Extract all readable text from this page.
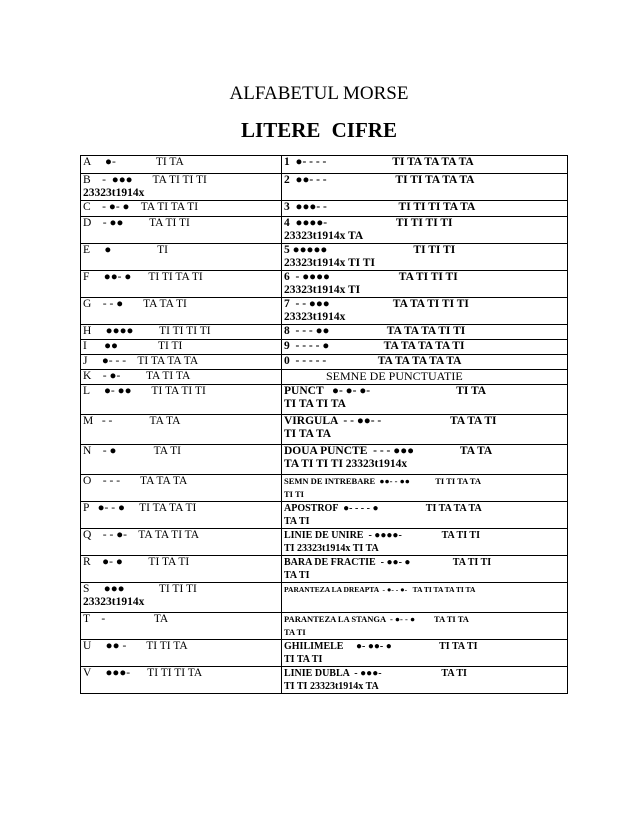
ALFABETUL MORSE
LITERE CIFRE
A     ●-              TI TA	1  ●- - - -                       TI TA TA TA TA

B    -  ●●●       TA TI TI TI
23323t1914x	2  ●●- - -                        TI TI TA TA TA

C    - ●- ●    TA TI TA TI	3  ●●●- -                         TI TI TI TA TA

D    - ●●         TA TI TI	4  ●●●●-                        TI TI TI TI
23323t1914x TA

E     ●                TI	5 ●●●●●                              TI TI TI
23323t1914x TI TI

F     ●●- ●      TI TI TA TI	6  - ●●●●                        TA TI TI TI
23323t1914x TI

G    - - ●       TA TA TI	7  - - ●●●                      TA TA TI TI TI
23323t1914x

H     ●●●●         TI TI TI TI	8  - - - ●●                    TA TA TA TI TI

I      ●●              TI TI	9  - - - - ●                   TA TA TA TA TI

J     ●- - -    TI TA TA TA	0  - - - - -                  TA TA TA TA TA

K    - ●-         TA TI TA	SEMNE DE PUNCTUATIE

L     ●- ●●       TI TA TI TI	PUNCT   ●- ●- ●-                              TI TA
TI TA TI TA

M   - -             TA TA	VIRGULA  - - ●●- -                        TA TA TI
TI TA TA

N    - ●             TA TI	DOUA PUNCTE  - - - ●●●                TA TA
TA TI TI TI 23323t1914x

O    - - -       TA TA TA	SEMN DE INTREBARE  ●●- - ●●            TI TI TA TA
TI TI

P   ●- - ●     TI TA TA TI	APOSTROF  ●- - - - ●                   TI TA TA TA
TA TI

Q    - - ●-    TA TA TI TA	LINIE DE UNIRE  - ●●●●-                TA TI TI
TI 23323t1914x TI TA

R    ●- ●         TI TA TI	BARA DE FRACTIE  - ●●- ●                 TA TI TI
TA TI

S     ●●●            TI TI TI
23323t1914x	PARANTEZA LA DREAPTA  - ●- - ●-   TA TI TA TA TI TA

T    -                 TA	PARANTEZA LA STANGA  - ●- - ●         TA TI TA
TA TI

U     ●● -       TI TI TA	GHILIMELE     ●- ●●- ●                   TI TA TI
TI TA TI

V     ●●●-      TI TI TI TA	LINIE DUBLA  - ●●●-                        TA TI
TI TI 23323t1914x TA
